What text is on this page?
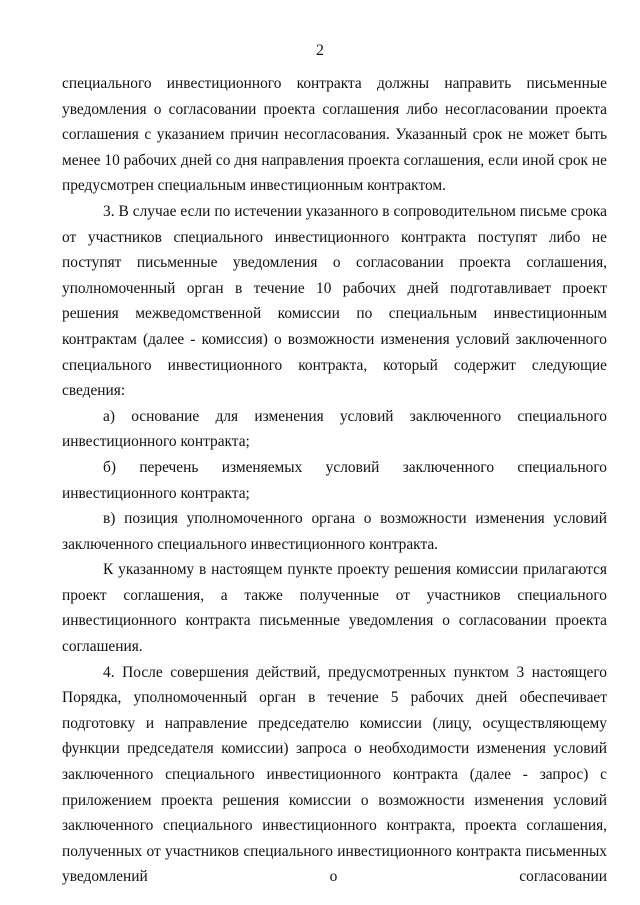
2

специального инвестиционного контракта должны направить письменные уведомления о согласовании проекта соглашения либо несогласовании проекта соглашения с указанием причин несогласования. Указанный срок не может быть менее 10 рабочих дней со дня направления проекта соглашения, если иной срок не предусмотрен специальным инвестиционным контрактом.

3. В случае если по истечении указанного в сопроводительном письме срока от участников специального инвестиционного контракта поступят либо не поступят письменные уведомления о согласовании проекта соглашения, уполномоченный орган в течение 10 рабочих дней подготавливает проект решения межведомственной комиссии по специальным инвестиционным контрактам (далее - комиссия) о возможности изменения условий заключенного специального инвестиционного контракта, который содержит следующие сведения:

а) основание для изменения условий заключенного специального инвестиционного контракта;

б) перечень изменяемых условий заключенного специального инвестиционного контракта;

в) позиция уполномоченного органа о возможности изменения условий заключенного специального инвестиционного контракта.

К указанному в настоящем пункте проекту решения комиссии прилагаются проект соглашения, а также полученные от участников специального инвестиционного контракта письменные уведомления о согласовании проекта соглашения.

4. После совершения действий, предусмотренных пунктом 3 настоящего Порядка, уполномоченный орган в течение 5 рабочих дней обеспечивает подготовку и направление председателю комиссии (лицу, осуществляющему функции председателя комиссии) запроса о необходимости изменения условий заключенного специального инвестиционного контракта (далее - запрос) с приложением проекта решения комиссии о возможности изменения условий заключенного специального инвестиционного контракта, проекта соглашения, полученных от участников специального инвестиционного контракта письменных уведомлений о согласовании
